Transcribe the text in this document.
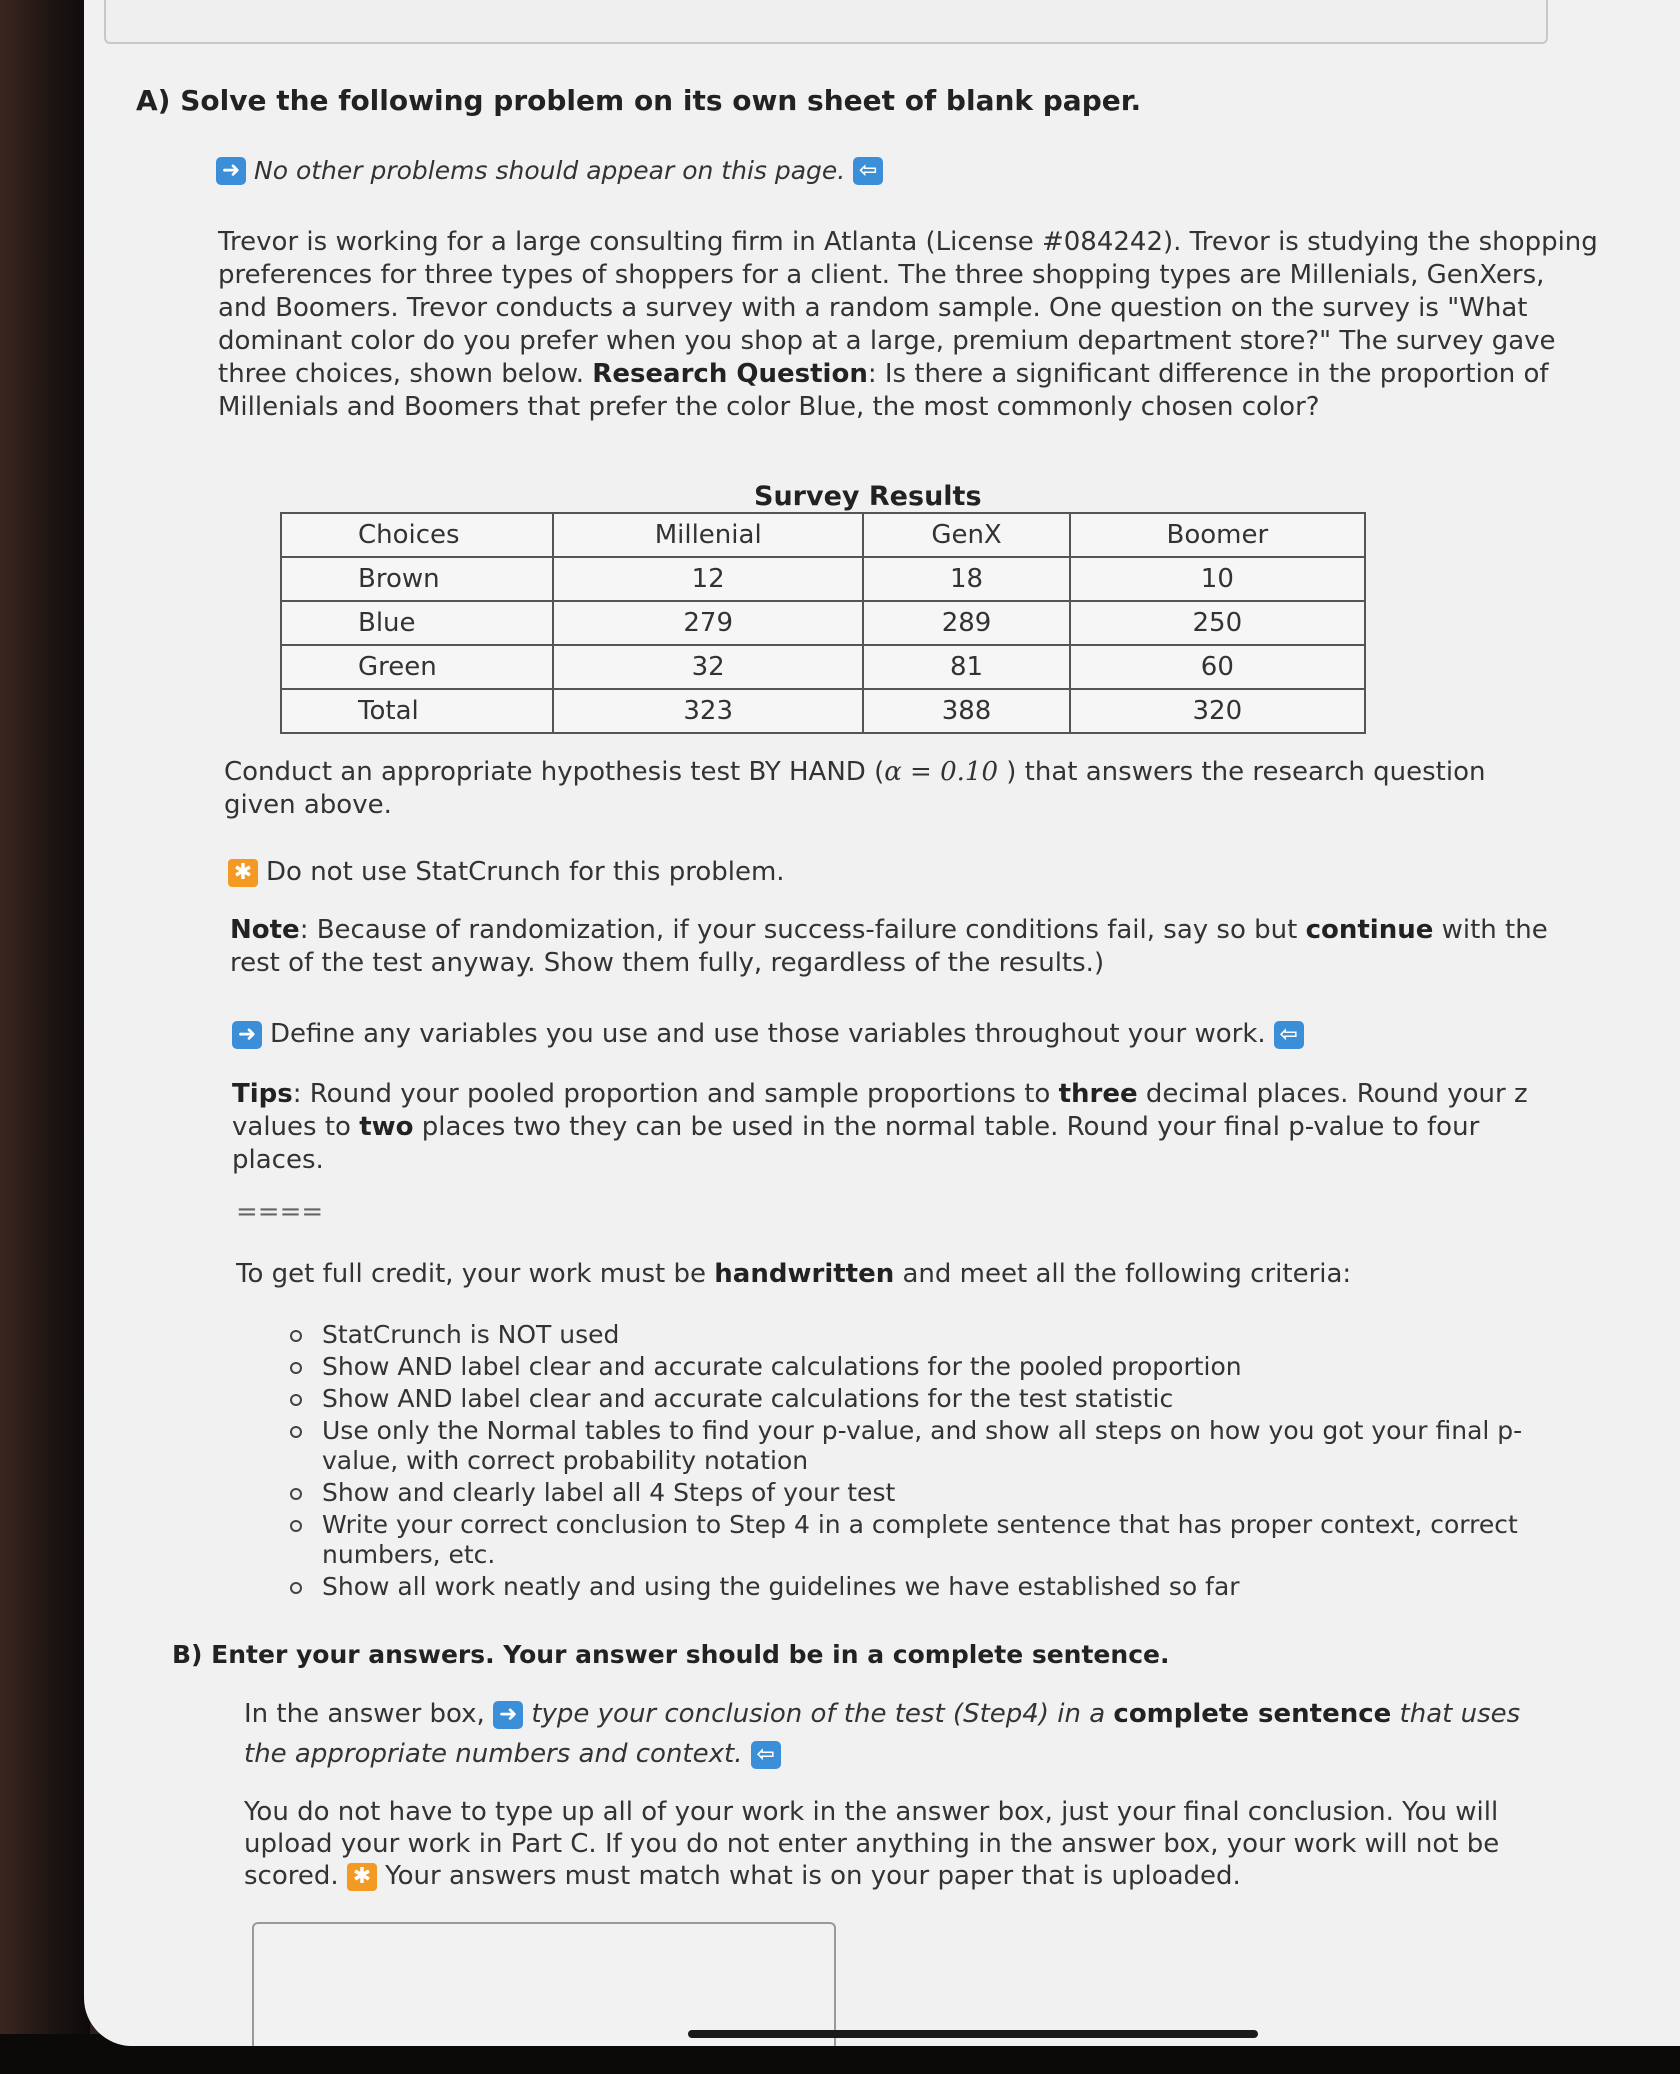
A) Solve the following problem on its own sheet of blank paper.
➜ No other problems should appear on this page. ⇦
Trevor is working for a large consulting firm in Atlanta (License #084242). Trevor is studying the shopping preferences for three types of shoppers for a client. The three shopping types are Millenials, GenXers, and Boomers. Trevor conducts a survey with a random sample. One question on the survey is "What dominant color do you prefer when you shop at a large, premium department store?" The survey gave three choices, shown below. Research Question: Is there a significant difference in the proportion of Millenials and Boomers that prefer the color Blue, the most commonly chosen color?
Survey Results
Choices	Millenial	GenX	Boomer
Brown	12	18	10
Blue	279	289	250
Green	32	81	60
Total	323	388	320
Conduct an appropriate hypothesis test BY HAND (α = 0.10 ) that answers the research question given above.
✱ Do not use StatCrunch for this problem.
Note: Because of randomization, if your success-failure conditions fail, say so but continue with the rest of the test anyway. Show them fully, regardless of the results.)
➜ Define any variables you use and use those variables throughout your work. ⇦
Tips: Round your pooled proportion and sample proportions to three decimal places. Round your z values to two places two they can be used in the normal table. Round your final p-value to four places.
====
To get full credit, your work must be handwritten and meet all the following criteria:
StatCrunch is NOT used
Show AND label clear and accurate calculations for the pooled proportion
Show AND label clear and accurate calculations for the test statistic
Use only the Normal tables to find your p-value, and show all steps on how you got your final p-value, with correct probability notation
Show and clearly label all 4 Steps of your test
Write your correct conclusion to Step 4 in a complete sentence that has proper context, correct numbers, etc.
Show all work neatly and using the guidelines we have established so far
B) Enter your answers. Your answer should be in a complete sentence.
In the answer box, ➜ type your conclusion of the test (Step4) in a complete sentence that uses the appropriate numbers and context. ⇦
You do not have to type up all of your work in the answer box, just your final conclusion. You will upload your work in Part C. If you do not enter anything in the answer box, your work will not be scored. ✱ Your answers must match what is on your paper that is uploaded.
